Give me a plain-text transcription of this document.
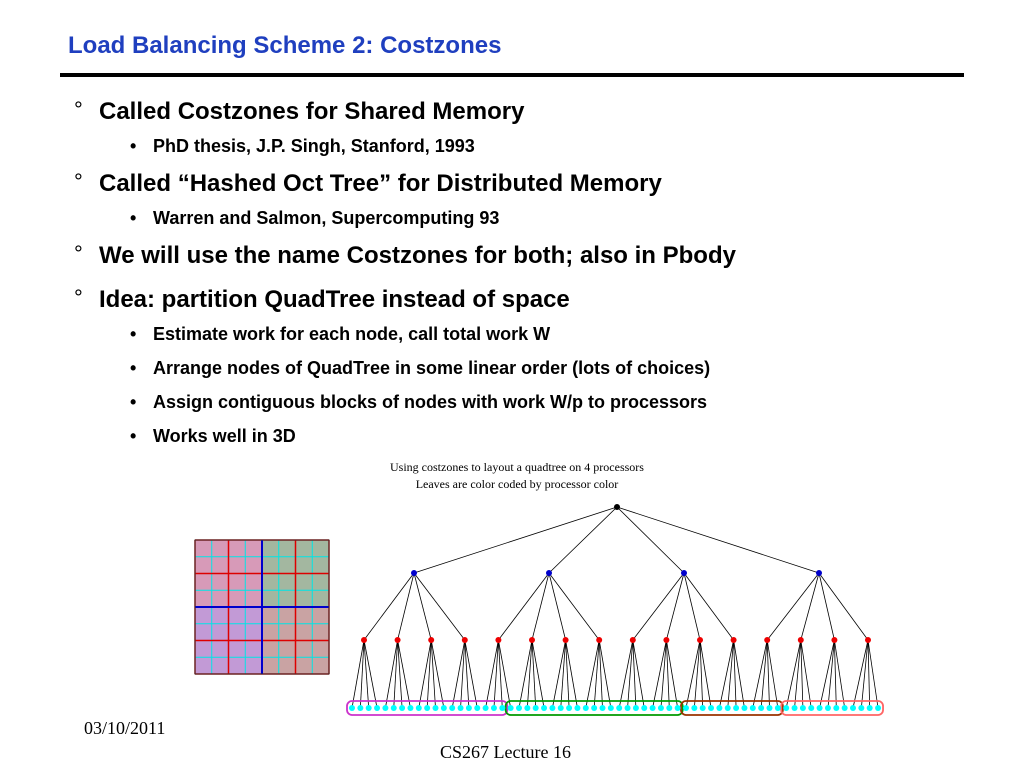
Load Balancing Scheme 2: Costzones
° Called Costzones for Shared Memory
• PhD thesis, J.P. Singh, Stanford, 1993
° Called “Hashed Oct Tree” for Distributed Memory
• Warren and Salmon, Supercomputing 93
° We will use the name Costzones for both; also in Pbody
° Idea: partition QuadTree instead of space
• Estimate work for each node, call total work W
• Arrange nodes of QuadTree in some linear order (lots of choices)
• Assign contiguous blocks of nodes with work W/p to processors
• Works well in 3D
Using costzones to layout a quadtree on 4 processors
Leaves are color coded by processor color
03/10/2011
CS267 Lecture 16
